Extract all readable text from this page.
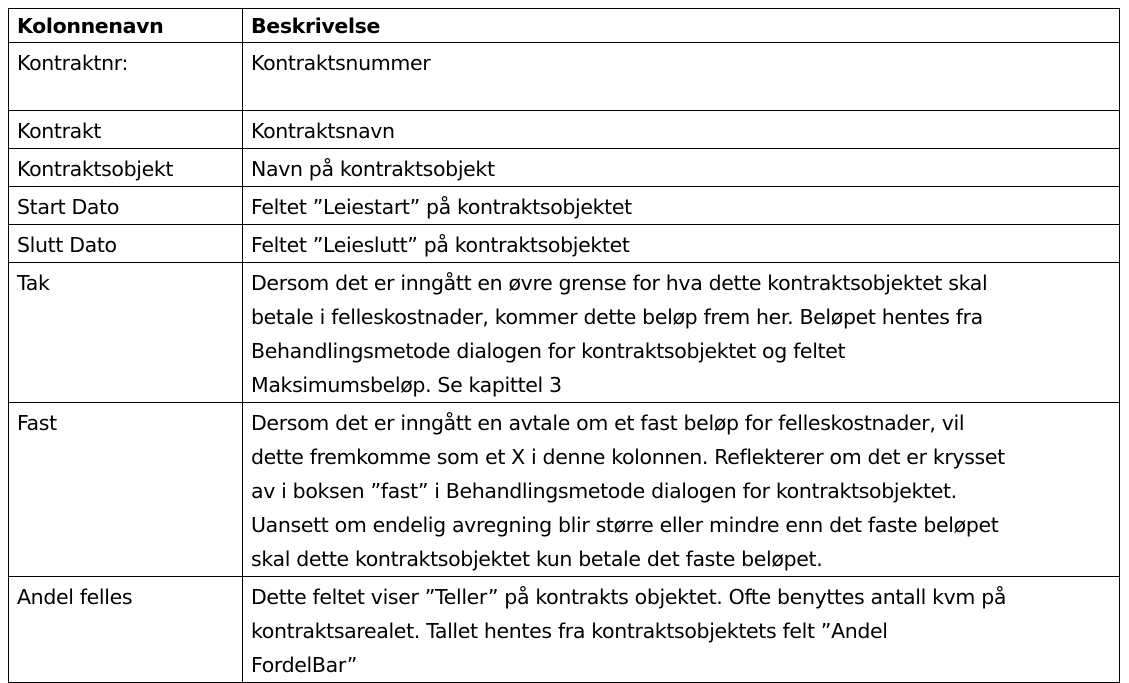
Kolonnenavn	Beskrivelse
Kontraktnr:	Kontraktsnummer
Kontrakt	Kontraktsnavn
Kontraktsobjekt	Navn på kontraktsobjekt
Start Dato	Feltet ”Leiestart” på kontraktsobjektet
Slutt Dato	Feltet ”Leieslutt” på kontraktsobjektet
Tak	Dersom det er inngått en øvre grense for hva dette kontraktsobjektet skal
betale i felleskostnader, kommer dette beløp frem her. Beløpet hentes fra
Behandlingsmetode dialogen for kontraktsobjektet og feltet
Maksimumsbeløp. Se kapittel 3

Fast	Dersom det er inngått en avtale om et fast beløp for felleskostnader, vil
dette fremkomme som et X i denne kolonnen. Reflekterer om det er krysset
av i boksen ”fast” i Behandlingsmetode dialogen for kontraktsobjektet.
Uansett om endelig avregning blir større eller mindre enn det faste beløpet
skal dette kontraktsobjektet kun betale det faste beløpet.

Andel felles	Dette feltet viser ”Teller” på kontrakts objektet. Ofte benyttes antall kvm på
kontraktsarealet. Tallet hentes fra kontraktsobjektets felt ”Andel
FordelBar”
